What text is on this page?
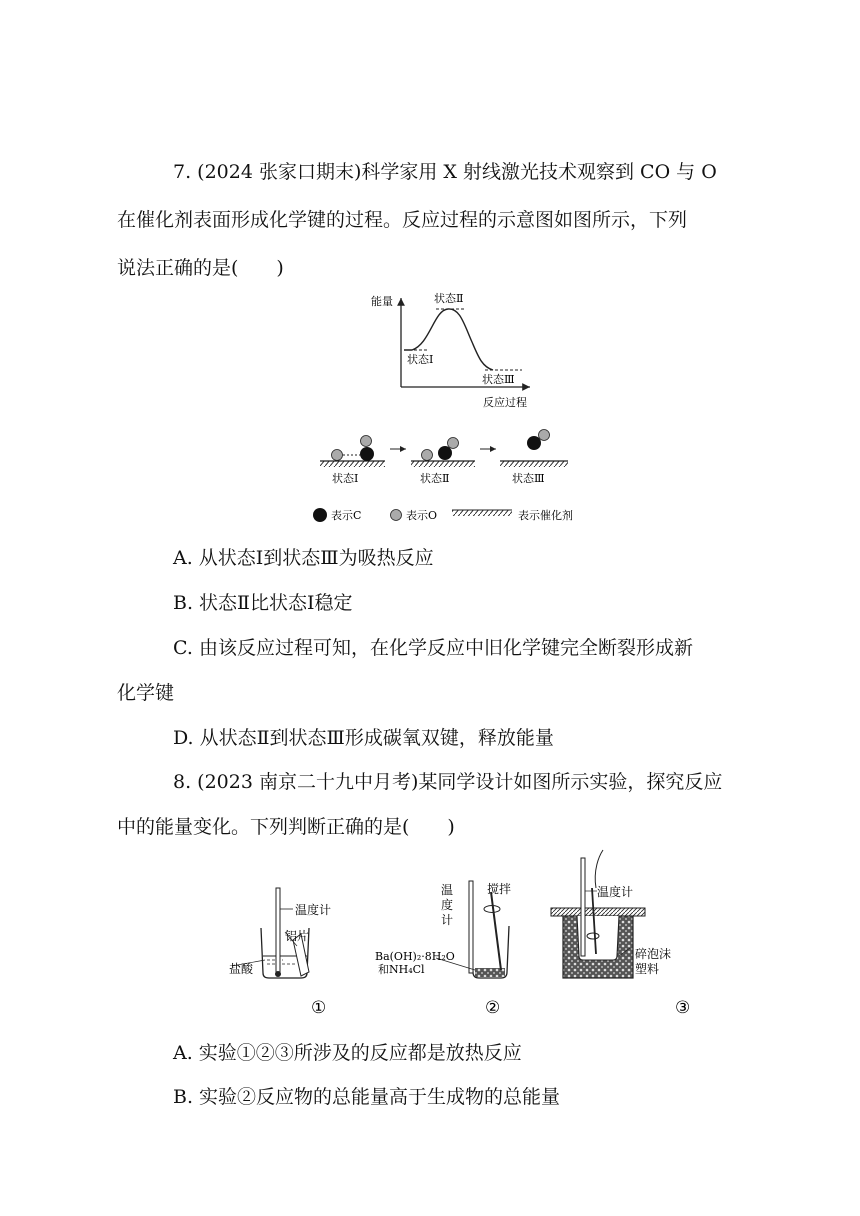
7. (2024 张家口期末)科学家用 X 射线激光技术观察到 CO 与 O
在催化剂表面形成化学键的过程。反应过程的示意图如图所示，下列
说法正确的是(　　)
能量
反应过程
状态Ⅱ
状态Ⅰ
状态Ⅲ
状态Ⅰ	状态Ⅱ	状态Ⅲ
表示C	表示O	表示催化剂
A. 从状态Ⅰ到状态Ⅲ为吸热反应
B. 状态Ⅱ比状态Ⅰ稳定
C. 由该反应过程可知，在化学反应中旧化学键完全断裂形成新
化学键
D. 从状态Ⅱ到状态Ⅲ形成碳氧双键，释放能量
8. (2023 南京二十九中月考)某同学设计如图所示实验，探究反应
中的能量变化。下列判断正确的是(　　)
温度计
铝片
盐酸
温
度
计
搅拌
Ba(OH)₂·8H₂O
和NH₄Cl
温度计
碎泡沫
塑料
①	②	③
A. 实验①②③所涉及的反应都是放热反应
B. 实验②反应物的总能量高于生成物的总能量
